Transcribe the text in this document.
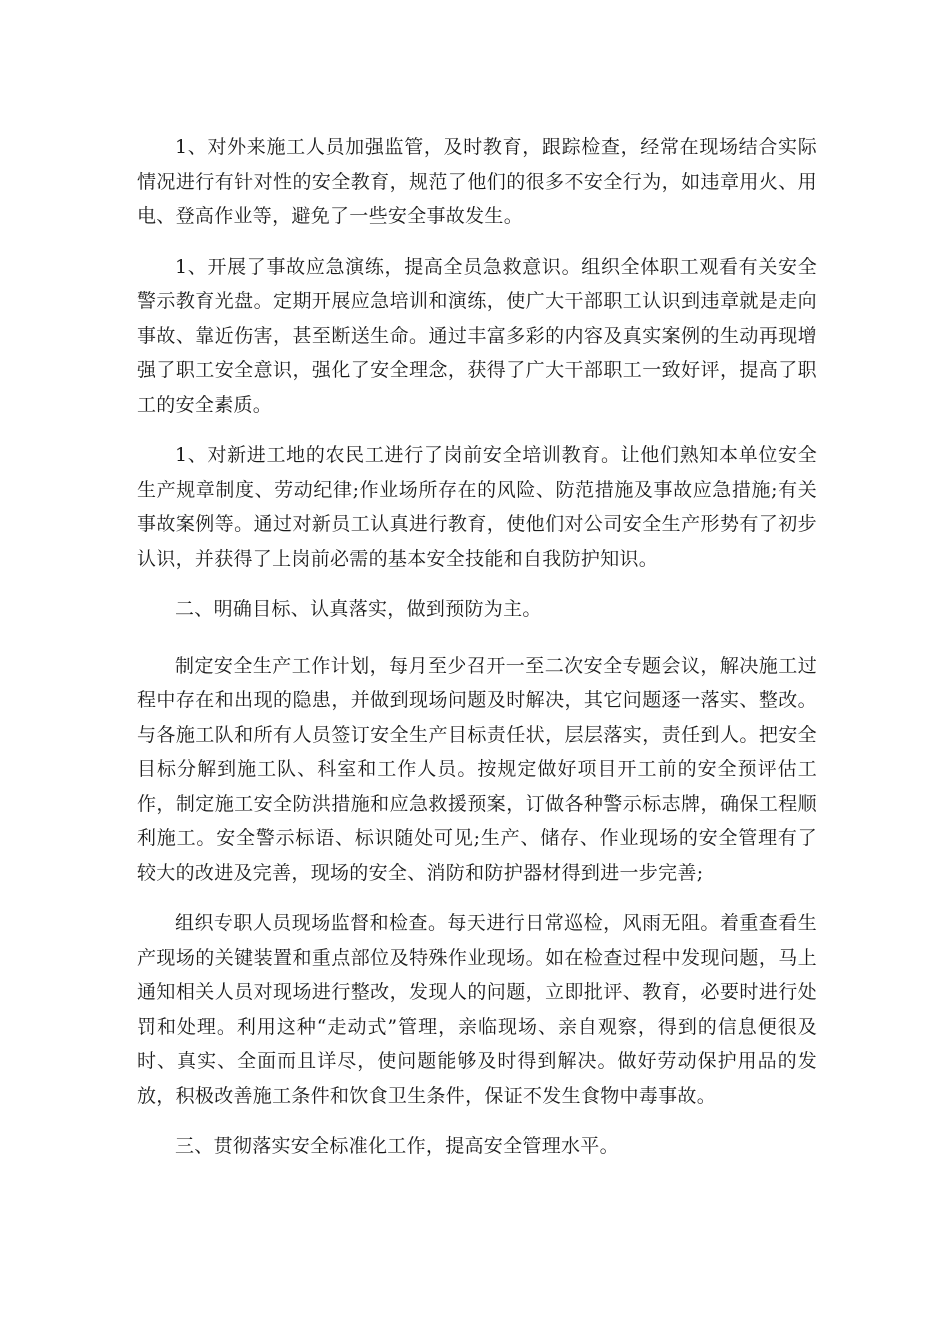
1、对外来施工人员加强监管，及时教育，跟踪检查，经常在现场结合实际情况进行有针对性的安全教育，规范了他们的很多不安全行为，如违章用火、用电、登高作业等，避免了一些安全事故发生。

1、开展了事故应急演练，提高全员急救意识。组织全体职工观看有关安全警示教育光盘。定期开展应急培训和演练，使广大干部职工认识到违章就是走向事故、靠近伤害，甚至断送生命。通过丰富多彩的内容及真实案例的生动再现增强了职工安全意识，强化了安全理念，获得了广大干部职工一致好评，提高了职工的安全素质。

1、对新进工地的农民工进行了岗前安全培训教育。让他们熟知本单位安全生产规章制度、劳动纪律;作业场所存在的风险、防范措施及事故应急措施;有关事故案例等。通过对新员工认真进行教育，使他们对公司安全生产形势有了初步认识，并获得了上岗前必需的基本安全技能和自我防护知识。

二、明确目标、认真落实，做到预防为主。

制定安全生产工作计划，每月至少召开一至二次安全专题会议，解决施工过程中存在和出现的隐患，并做到现场问题及时解决，其它问题逐一落实、整改。与各施工队和所有人员签订安全生产目标责任状，层层落实，责任到人。把安全目标分解到施工队、科室和工作人员。按规定做好项目开工前的安全预评估工作，制定施工安全防洪措施和应急救援预案，订做各种警示标志牌，确保工程顺利施工。安全警示标语、标识随处可见;生产、储存、作业现场的安全管理有了较大的改进及完善，现场的安全、消防和防护器材得到进一步完善;

组织专职人员现场监督和检查。每天进行日常巡检，风雨无阻。着重查看生产现场的关键装置和重点部位及特殊作业现场。如在检查过程中发现问题，马上通知相关人员对现场进行整改，发现人的问题，立即批评、教育，必要时进行处罚和处理。利用这种“走动式”管理，亲临现场、亲自观察，得到的信息便很及时、真实、全面而且详尽，使问题能够及时得到解决。做好劳动保护用品的发放，积极改善施工条件和饮食卫生条件，保证不发生食物中毒事故。

三、贯彻落实安全标准化工作，提高安全管理水平。
